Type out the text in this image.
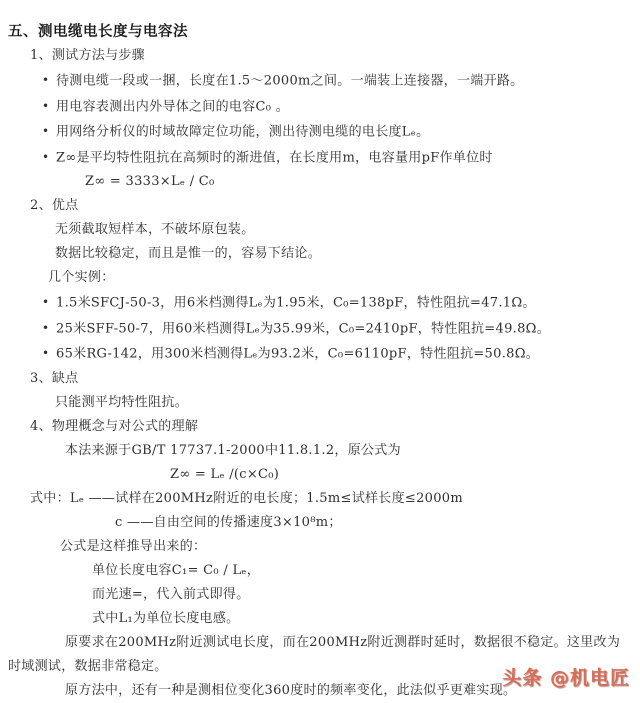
五、测电缆电长度与电容法
1、测试方法与步骤
• 待测电缆一段或一捆，长度在1.5～2000m之间。一端装上连接器，一端开路。
• 用电容表测出内外导体之间的电容C₀ 。
• 用网络分析仪的时域故障定位功能，测出待测电缆的电长度Lₑ。
• Z∞是平均特性阻抗在高频时的渐进值，在长度用m，电容量用pF作单位时
Z∞ = 3333×Lₑ / C₀
2、优点
无须截取短样本，不破坏原包装。
数据比较稳定，而且是惟一的，容易下结论。
几个实例：
• 1.5米SFCJ-50-3，用6米档测得Lₑ为1.95米，C₀=138pF，特性阻抗=47.1Ω。
• 25米SFF-50-7，用60米档测得Lₑ为35.99米，C₀=2410pF，特性阻抗=49.8Ω。
• 65米RG-142，用300米档测得Lₑ为93.2米，C₀=6110pF，特性阻抗=50.8Ω。
3、缺点
只能测平均特性阻抗。
4、物理概念与对公式的理解
本法来源于GB/T 17737.1-2000中11.8.1.2，原公式为
Z∞ = Lₑ /(c×C₀)
式中：Lₑ ——试样在200MHz附近的电长度；1.5m≤试样长度≤2000m
c ——自由空间的传播速度3×10⁸m；
公式是这样推导出来的：
单位长度电容C₁= C₀ / Lₑ，
而光速=，代入前式即得。
式中L₁为单位长度电感。
原要求在200MHz附近测试电长度，而在200MHz附近测群时延时，数据很不稳定。这里改为时域测试，数据非常稳定。
原方法中，还有一种是测相位变化360度时的频率变化，此法似乎更难实现。
头条 @机电匠
